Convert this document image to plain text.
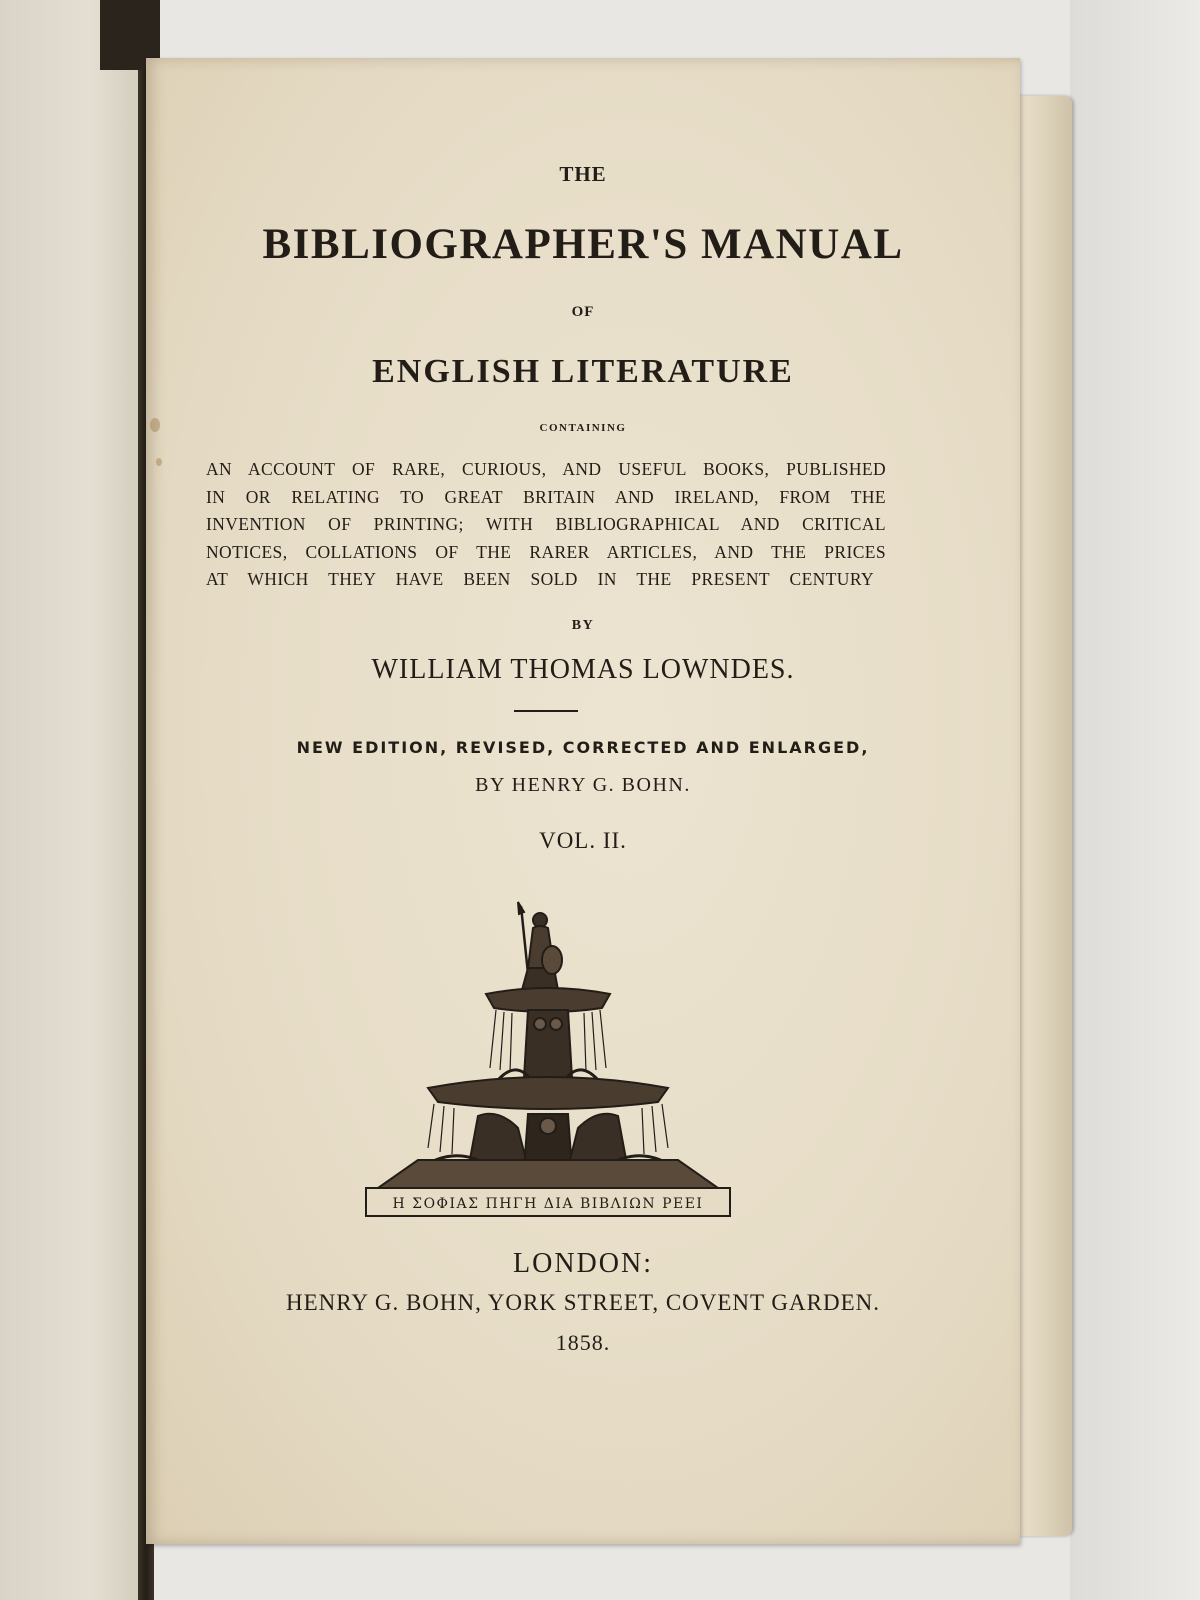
THE
BIBLIOGRAPHER'S MANUAL
OF
ENGLISH LITERATURE
CONTAINING
AN ACCOUNT OF RARE, CURIOUS, AND USEFUL BOOKS, PUBLISHED
IN OR RELATING TO GREAT BRITAIN AND IRELAND, FROM THE
INVENTION OF PRINTING; WITH BIBLIOGRAPHICAL AND CRITICAL
NOTICES, COLLATIONS OF THE RARER ARTICLES, AND THE PRICES
AT WHICH THEY HAVE BEEN SOLD IN THE PRESENT CENTURY
BY
WILLIAM THOMAS LOWNDES.
NEW EDITION, REVISED, CORRECTED AND ENLARGED,
BY HENRY G. BOHN.
VOL. II.
Η ΣΟΦΙΑΣ ΠΗΓΗ ΔΙΑ ΒΙΒΛΙΩΝ ΡΕΕΙ
LONDON:
HENRY G. BOHN, YORK STREET, COVENT GARDEN.
1858.
